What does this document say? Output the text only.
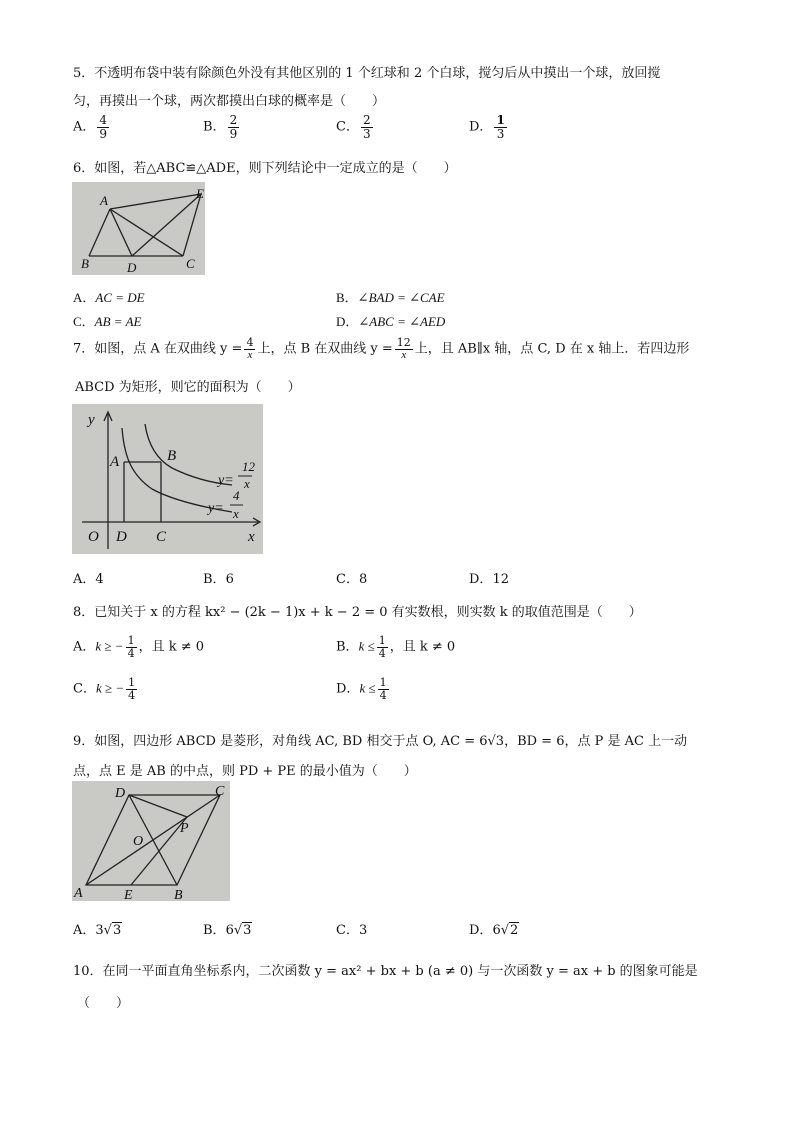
5．不透明布袋中装有除颜色外没有其他区别的 1 个红球和 2 个白球，搅匀后从中摸出一个球，放回搅
匀，再摸出一个球，两次都摸出白球的概率是（　　）
A． $\frac{4}{9}$	B． $\frac{2}{9}$	C． $\frac{2}{3}$	D． $\frac{1}{3}$
6．如图，若△ABC≌△ADE，则下列结论中一定成立的是（　　）
A	E
B	D	C
A．AC = DE	B．∠BAD = ∠CAE
C．AB = AE	D．∠ABC = ∠AED
7．如图，点 A 在双曲线 $y = \frac{4}{x}$ 上，点 B 在双曲线 $y = \frac{12}{x}$ 上，且 AB∥x 轴，点 C, D 在 x 轴上．若四边形
ABCD 为矩形，则它的面积为（　　）
y
A	B
y=
12
x
y=
4
x
O D C	x
A．4	B．6	C．8	D．12
8．已知关于 x 的方程 kx² − (2k − 1)x + k − 2 = 0 有实数根，则实数 k 的取值范围是（　　）
A．k ≥ − $\frac{1}{4}$ ，且 k ≠ 0	B．$k \le \frac{1}{4}$ ，且 k ≠ 0
C．k ≥ − $\frac{1}{4}$	D．$k \le \frac{1}{4}$
9．如图，四边形 ABCD 是菱形，对角线 AC, BD 相交于点 O, AC = 6√3，BD = 6，点 P 是 AC 上一动
点，点 E 是 AB 的中点，则 PD + PE 的最小值为（　　）
D	C
O
P
A	E	B
A．3√3	B．6√3	C．3	D．6√2
10．在同一平面直角坐标系内，二次函数 y = ax² + bx + b (a ≠ 0) 与一次函数 y = ax + b 的图象可能是
（　　）
